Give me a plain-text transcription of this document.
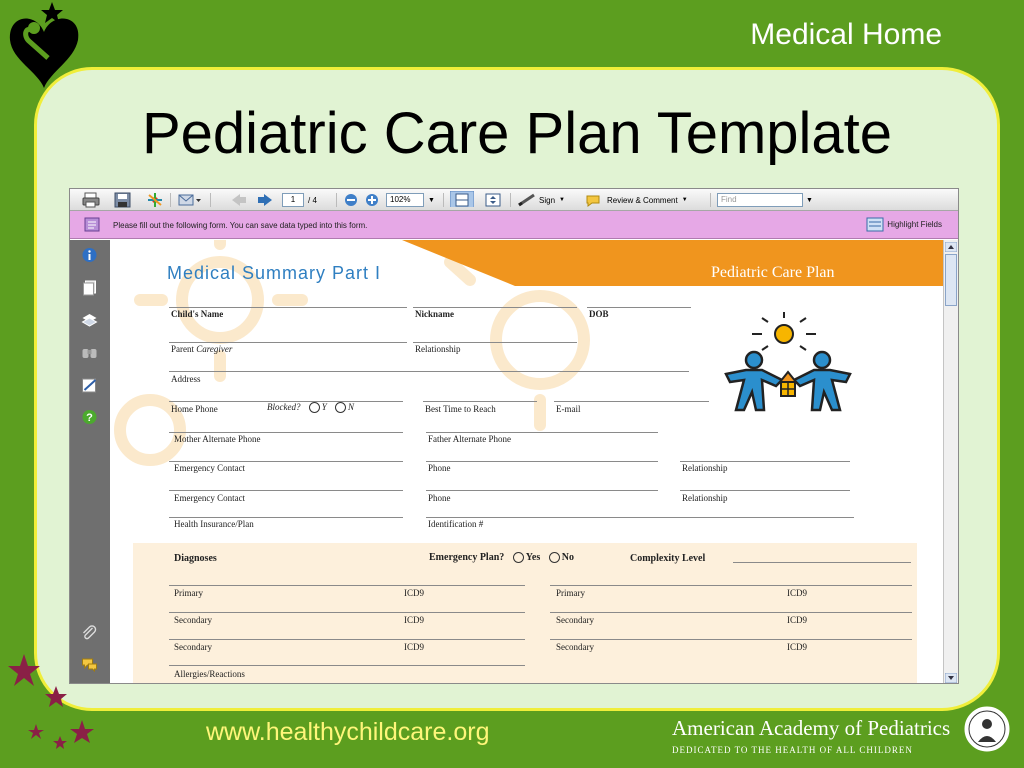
Medical Home
Pediatric Care Plan Template
1	/ 4	102%	▼	Sign ▼	Review & Comment ▼	Find	▼
Please fill out the following form. You can save data typed into this form.	Highlight Fields
?
Medical Summary Part I	Pediatric Care Plan
Child's Name	Nickname	DOB
Parent Caregiver	Relationship
Address
Home Phone	Blocked? Y N	Best Time to Reach	E-mail
Mother Alternate Phone	Father Alternate Phone
Emergency Contact	Phone	Relationship
Emergency Contact	Phone	Relationship
Health Insurance/Plan	Identification #
Diagnoses	Emergency Plan? Yes No	Complexity Level
Primary	ICD9	Primary	ICD9
Secondary	ICD9	Secondary	ICD9
Secondary	ICD9	Secondary	ICD9
Allergies/Reactions
www.healthychildcare.org	American Academy of Pediatrics
DEDICATED TO THE HEALTH OF ALL CHILDREN
